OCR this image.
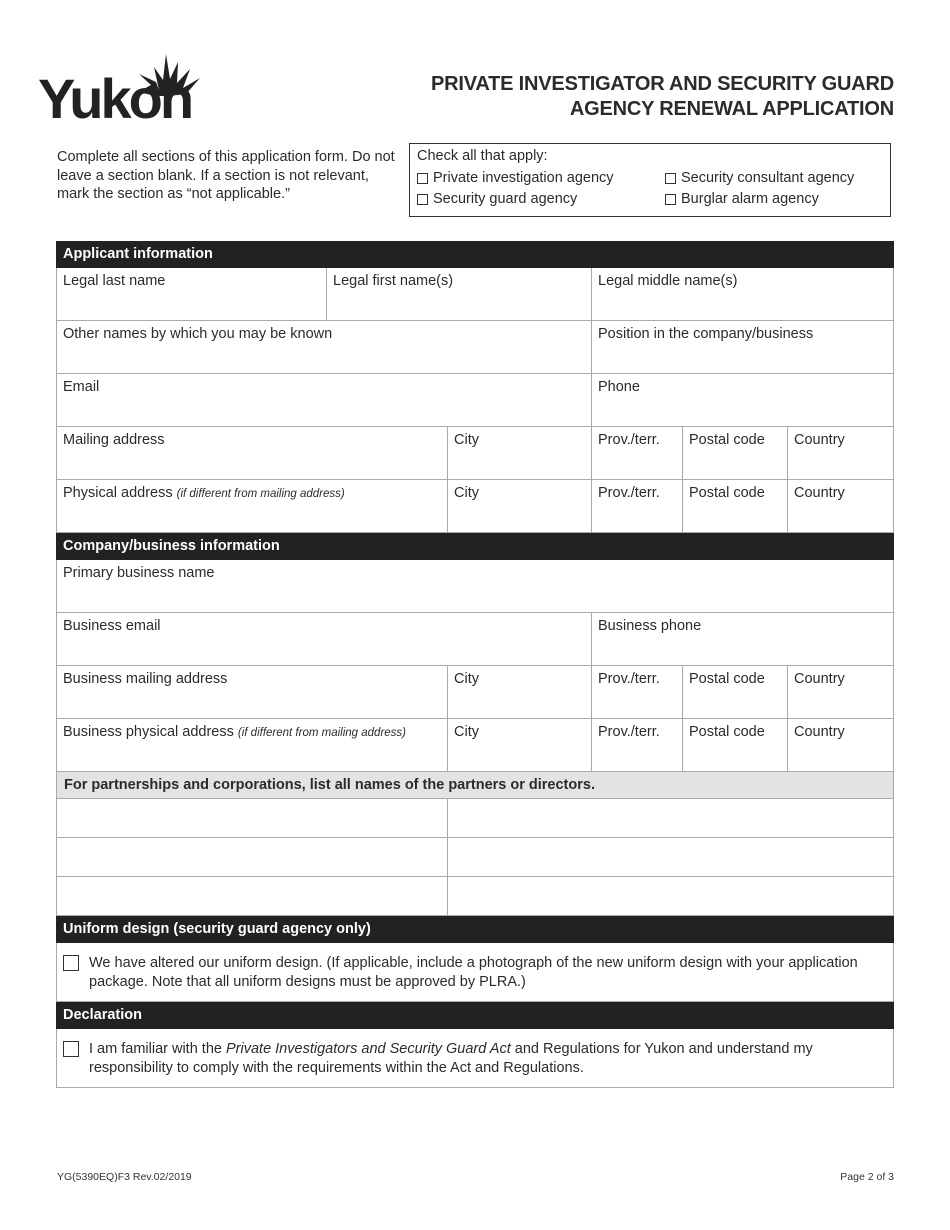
Yukon	PRIVATE INVESTIGATOR AND SECURITY GUARD
AGENCY RENEWAL APPLICATION
Complete all sections of this application form. Do not leave a section blank. If a section is not relevant, mark the section as “not applicable.”
Check all that apply:
Private investigation agency	Security consultant agency
Security guard agency	Burglar alarm agency
Applicant information
Legal last name	Legal first name(s)	Legal middle name(s)
Other names by which you may be known	Position in the company/business
Email	Phone
Mailing address	City	Prov./terr.	Postal code	Country
Physical address (if different from mailing address)	City	Prov./terr.	Postal code	Country
Company/business information
Primary business name
Business email	Business phone
Business mailing address	City	Prov./terr.	Postal code	Country
Business physical address (if different from mailing address)	City	Prov./terr.	Postal code	Country
For partnerships and corporations, list all names of the partners or directors.
Uniform design (security guard agency only)
We have altered our uniform design. (If applicable, include a photograph of the new uniform design with your application package. Note that all uniform designs must be approved by PLRA.)
Declaration
I am familiar with the Private Investigators and Security Guard Act and Regulations for Yukon and understand my responsibility to comply with the requirements within the Act and Regulations.
YG(5390EQ)F3 Rev.02/2019	Page 2 of 3
